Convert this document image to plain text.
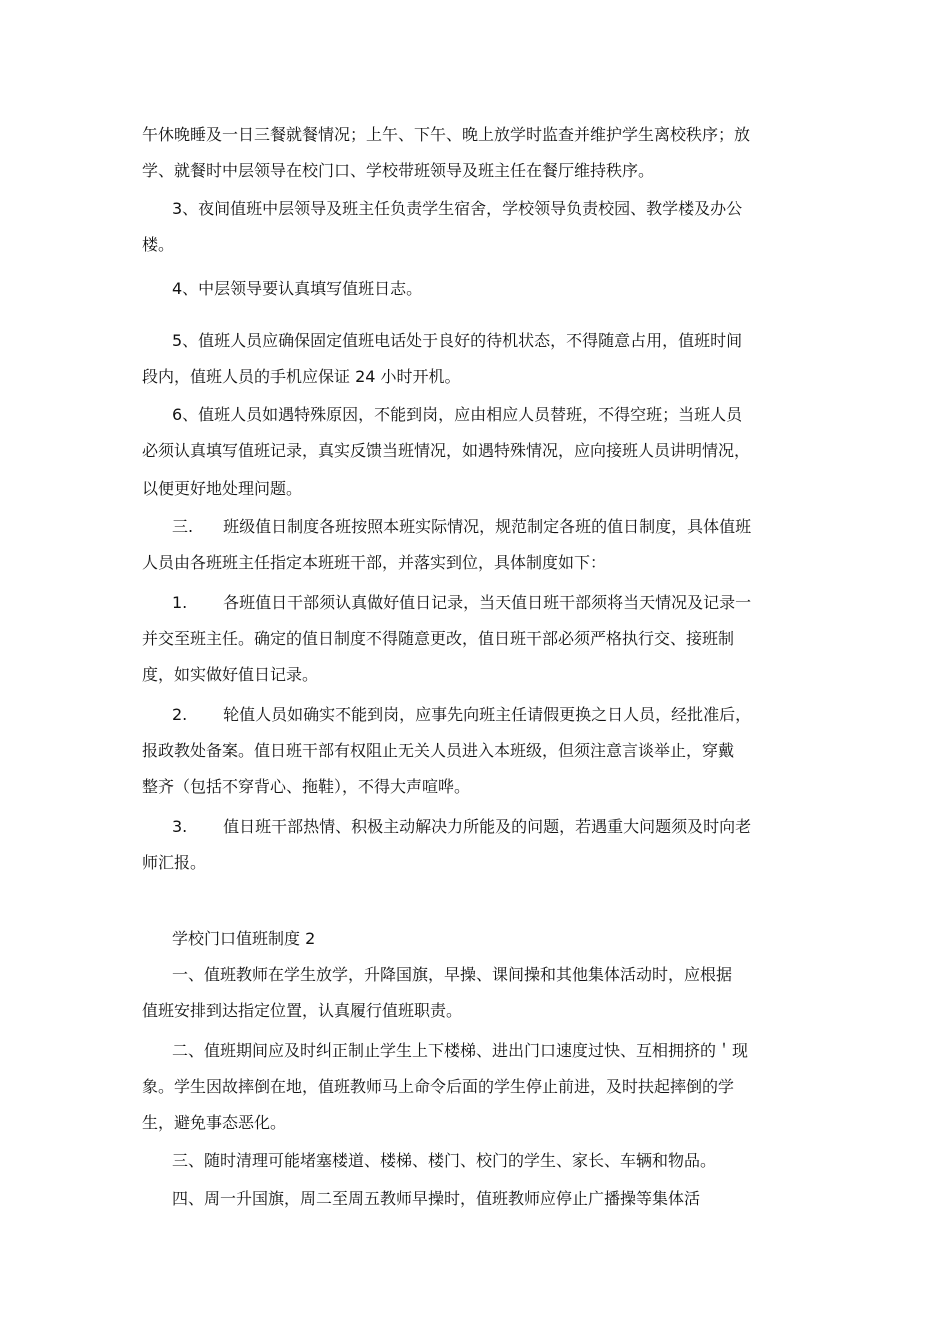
午休晚睡及一日三餐就餐情况；上午、下午、晚上放学时监查并维护学生离校秩序；放
学、就餐时中层领导在校门口、学校带班领导及班主任在餐厅维持秩序。
3、夜间值班中层领导及班主任负责学生宿舍，学校领导负责校园、教学楼及办公
楼。
4、中层领导要认真填写值班日志。
5、值班人员应确保固定值班电话处于良好的待机状态，不得随意占用，值班时间
段内，值班人员的手机应保证 24 小时开机。
6、值班人员如遇特殊原因，不能到岗，应由相应人员替班，不得空班；当班人员
必须认真填写值班记录，真实反馈当班情况，如遇特殊情况，应向接班人员讲明情况，
以便更好地处理问题。
三. 班级值日制度各班按照本班实际情况，规范制定各班的值日制度，具体值班
人员由各班班主任指定本班班干部，并落实到位，具体制度如下：
1. 各班值日干部须认真做好值日记录，当天值日班干部须将当天情况及记录一
并交至班主任。确定的值日制度不得随意更改，值日班干部必须严格执行交、接班制
度，如实做好值日记录。
2. 轮值人员如确实不能到岗，应事先向班主任请假更换之日人员，经批准后，
报政教处备案。值日班干部有权阻止无关人员进入本班级，但须注意言谈举止，穿戴
整齐（包括不穿背心、拖鞋），不得大声喧哗。
3. 值日班干部热情、积极主动解决力所能及的问题，若遇重大问题须及时向老
师汇报。
学校门口值班制度 2
一、值班教师在学生放学，升降国旗，早操、课间操和其他集体活动时，应根据
值班安排到达指定位置，认真履行值班职责。
二、值班期间应及时纠正制止学生上下楼梯、进出门口速度过快、互相拥挤的＇现
象。学生因故摔倒在地，值班教师马上命令后面的学生停止前进，及时扶起摔倒的学
生，避免事态恶化。
三、随时清理可能堵塞楼道、楼梯、楼门、校门的学生、家长、车辆和物品。
四、周一升国旗，周二至周五教师早操时，值班教师应停止广播操等集体活
